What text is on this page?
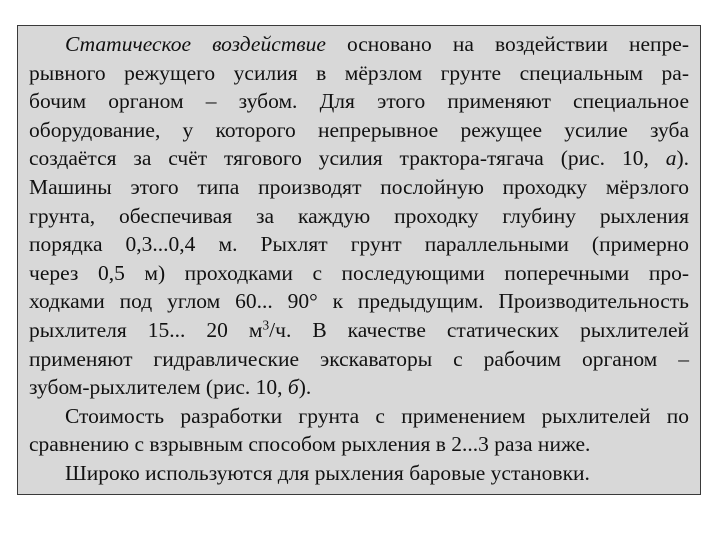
Статическое воздействие основано на воздействии непре-
рывного режущего усилия в мёрзлом грунте специальным ра-
бочим органом – зубом. Для этого применяют специальное
оборудование, у которого непрерывное режущее усилие зуба
создаётся за счёт тягового усилия трактора-тягача (рис. 10, а).
Машины этого типа производят послойную проходку мёрзлого
грунта, обеспечивая за каждую проходку глубину рыхления
порядка 0,3...0,4 м. Рыхлят грунт параллельными (примерно
через 0,5 м) проходками с последующими поперечными про-
ходками под углом 60... 90° к предыдущим. Производительность
рыхлителя 15... 20 $м^3/ч$. В качестве статических рыхлителей
применяют гидравлические экскаваторы с рабочим органом –
зубом-рыхлителем (рис. 10, б).
Стоимость разработки грунта с применением рыхлителей по
сравнению с взрывным способом рыхления в 2...3 раза ниже.
Широко используются для рыхления баровые установки.
